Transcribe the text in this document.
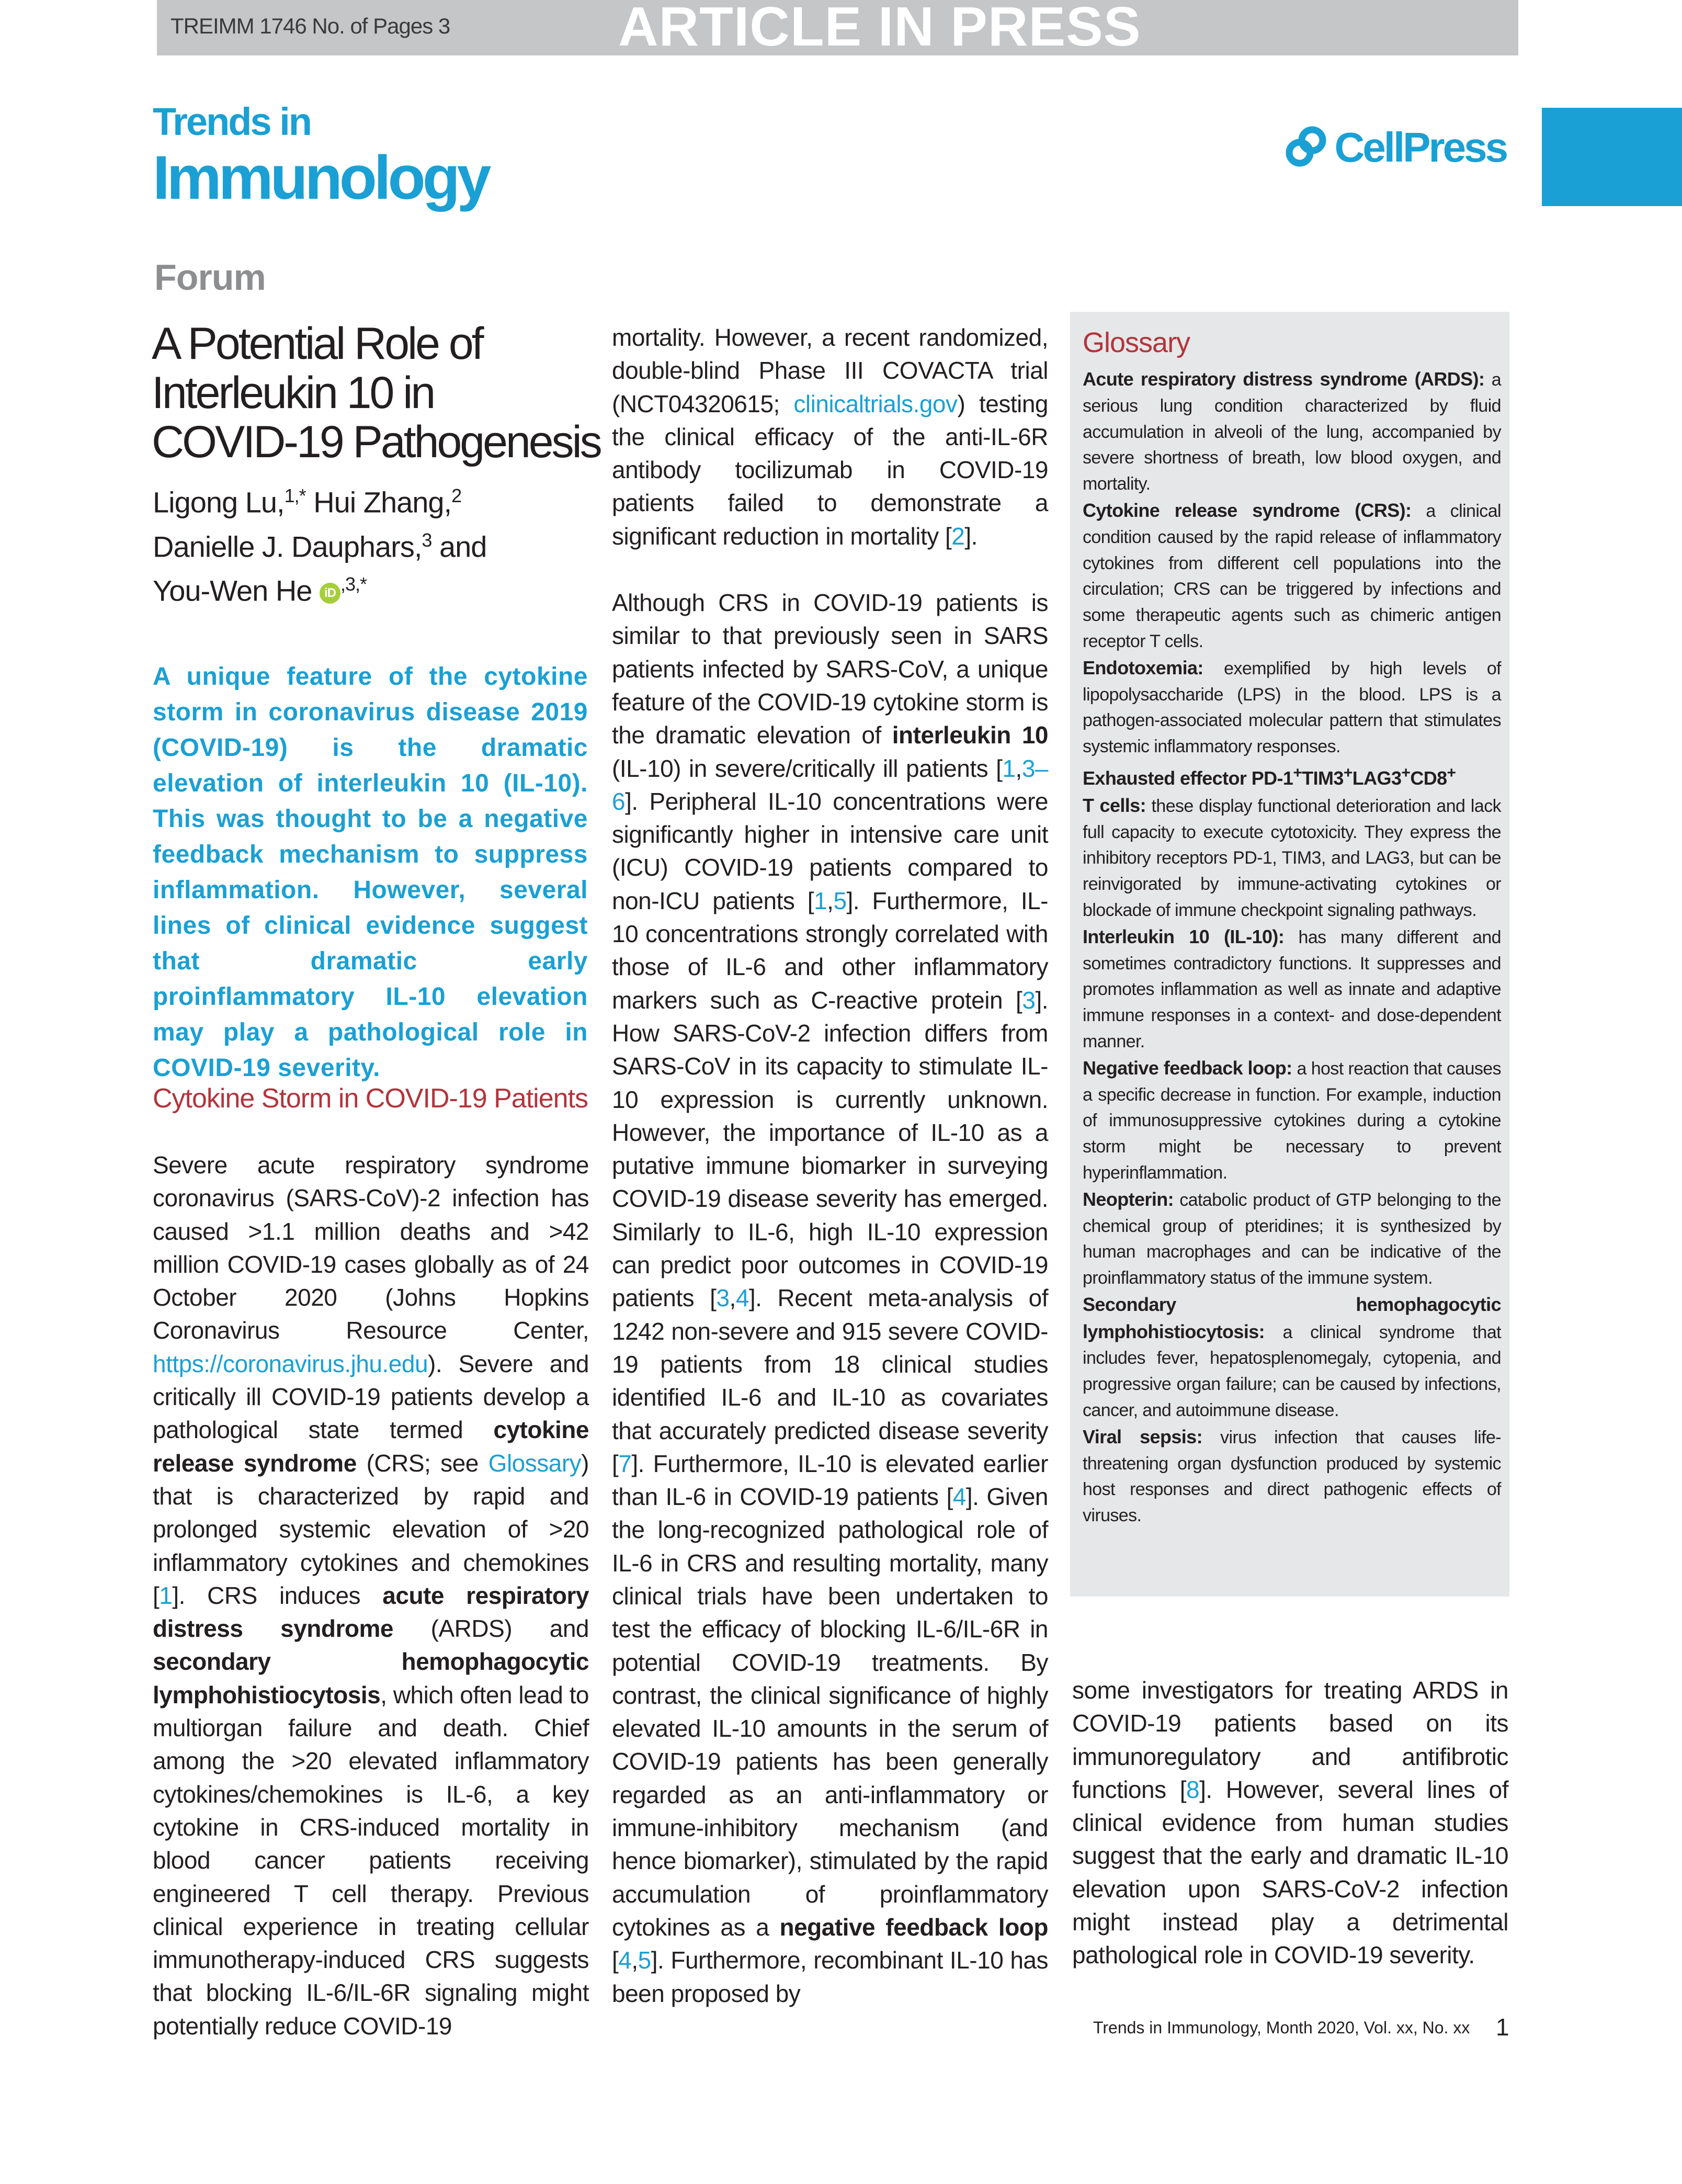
TREIMM 1746 No. of Pages 3	ARTICLE IN PRESS
Trends in
Immunology	CellPress
Forum
A Potential Role of
Interleukin 10 in
COVID-19 Pathogenesis
Ligong Lu,$^{1,*}$ Hui Zhang,$^2$
Danielle J. Dauphars,$^3$ and
You-Wen He iD $^{,3,*}$
A unique feature of the cytokine storm in coronavirus disease 2019 (COVID-19) is the dramatic elevation of interleukin 10 (IL-10). This was thought to be a negative feedback mechanism to suppress inflammation. However, several lines of clinical evidence suggest that dramatic early proinflammatory IL-10 elevation may play a pathological role in COVID-19 severity.
Cytokine Storm in COVID-19 Patients
Severe acute respiratory syndrome coronavirus (SARS-CoV)-2 infection has caused >1.1 million deaths and >42 million COVID-19 cases globally as of 24 October 2020 (Johns Hopkins Coronavirus Resource Center, https://coronavirus.jhu.edu). Severe and critically ill COVID-19 patients develop a pathological state termed cytokine release syndrome (CRS; see Glossary) that is characterized by rapid and prolonged systemic elevation of >20 inflammatory cytokines and chemokines [1]. CRS induces acute respiratory distress syndrome (ARDS) and secondary hemophagocytic lymphohistiocytosis, which often lead to multiorgan failure and death. Chief among the >20 elevated inflammatory cytokines/chemokines is IL-6, a key cytokine in CRS-induced mortality in blood cancer patients receiving engineered T cell therapy. Previous clinical experience in treating cellular immunotherapy-induced CRS suggests that blocking IL-6/IL-6R signaling might potentially reduce COVID-19

mortality. However, a recent randomized, double-blind Phase III COVACTA trial (NCT04320615; clinicaltrials.gov) testing the clinical efficacy of the anti-IL-6R antibody tocilizumab in COVID-19 patients failed to demonstrate a significant reduction in mortality [2].

Although CRS in COVID-19 patients is similar to that previously seen in SARS patients infected by SARS-CoV, a unique feature of the COVID-19 cytokine storm is the dramatic elevation of interleukin 10 (IL-10) in severe/critically ill patients [1,3–6]. Peripheral IL-10 concentrations were significantly higher in intensive care unit (ICU) COVID-19 patients compared to non-ICU patients [1,5]. Furthermore, IL-10 concentrations strongly correlated with those of IL-6 and other inflammatory markers such as C-reactive protein [3]. How SARS-CoV-2 infection differs from SARS-CoV in its capacity to stimulate IL-10 expression is currently unknown. However, the importance of IL-10 as a putative immune biomarker in surveying COVID-19 disease severity has emerged. Similarly to IL-6, high IL-10 expression can predict poor outcomes in COVID-19 patients [3,4]. Recent meta-analysis of 1242 non-severe and 915 severe COVID-19 patients from 18 clinical studies identified IL-6 and IL-10 as covariates that accurately predicted disease severity [7]. Furthermore, IL-10 is elevated earlier than IL-6 in COVID-19 patients [4]. Given the long-recognized pathological role of IL-6 in CRS and resulting mortality, many clinical trials have been undertaken to test the efficacy of blocking IL-6/IL-6R in potential COVID-19 treatments. By contrast, the clinical significance of highly elevated IL-10 amounts in the serum of COVID-19 patients has been generally regarded as an anti-inflammatory or immune-inhibitory mechanism (and hence biomarker), stimulated by the rapid accumulation of proinflammatory cytokines as a negative feedback loop [4,5]. Furthermore, recombinant IL-10 has been proposed by

Glossary
Acute respiratory distress syndrome (ARDS): a serious lung condition characterized by fluid accumulation in alveoli of the lung, accompanied by severe shortness of breath, low blood oxygen, and mortality.
Cytokine release syndrome (CRS): a clinical condition caused by the rapid release of inflammatory cytokines from different cell populations into the circulation; CRS can be triggered by infections and some therapeutic agents such as chimeric antigen receptor T cells.
Endotoxemia: exemplified by high levels of lipopolysaccharide (LPS) in the blood. LPS is a pathogen-associated molecular pattern that stimulates systemic inflammatory responses.
Exhausted effector PD-1+TIM3+LAG3+CD8+
T cells: these display functional deterioration and lack full capacity to execute cytotoxicity. They express the inhibitory receptors PD-1, TIM3, and LAG3, but can be reinvigorated by immune-activating cytokines or blockade of immune checkpoint signaling pathways.
Interleukin 10 (IL-10): has many different and sometimes contradictory functions. It suppresses and promotes inflammation as well as innate and adaptive immune responses in a context- and dose-dependent manner.
Negative feedback loop: a host reaction that causes a specific decrease in function. For example, induction of immunosuppressive cytokines during a cytokine storm might be necessary to prevent hyperinflammation.
Neopterin: catabolic product of GTP belonging to the chemical group of pteridines; it is synthesized by human macrophages and can be indicative of the proinflammatory status of the immune system.
Secondary hemophagocytic lymphohistiocytosis: a clinical syndrome that includes fever, hepatosplenomegaly, cytopenia, and progressive organ failure; can be caused by infections, cancer, and autoimmune disease.
Viral sepsis: virus infection that causes life-threatening organ dysfunction produced by systemic host responses and direct pathogenic effects of viruses.
some investigators for treating ARDS in COVID-19 patients based on its immunoregulatory and antifibrotic functions [8]. However, several lines of clinical evidence from human studies suggest that the early and dramatic IL-10 elevation upon SARS-CoV-2 infection might instead play a detrimental pathological role in COVID-19 severity.
Trends in Immunology, Month 2020, Vol. xx, No. xx 1
